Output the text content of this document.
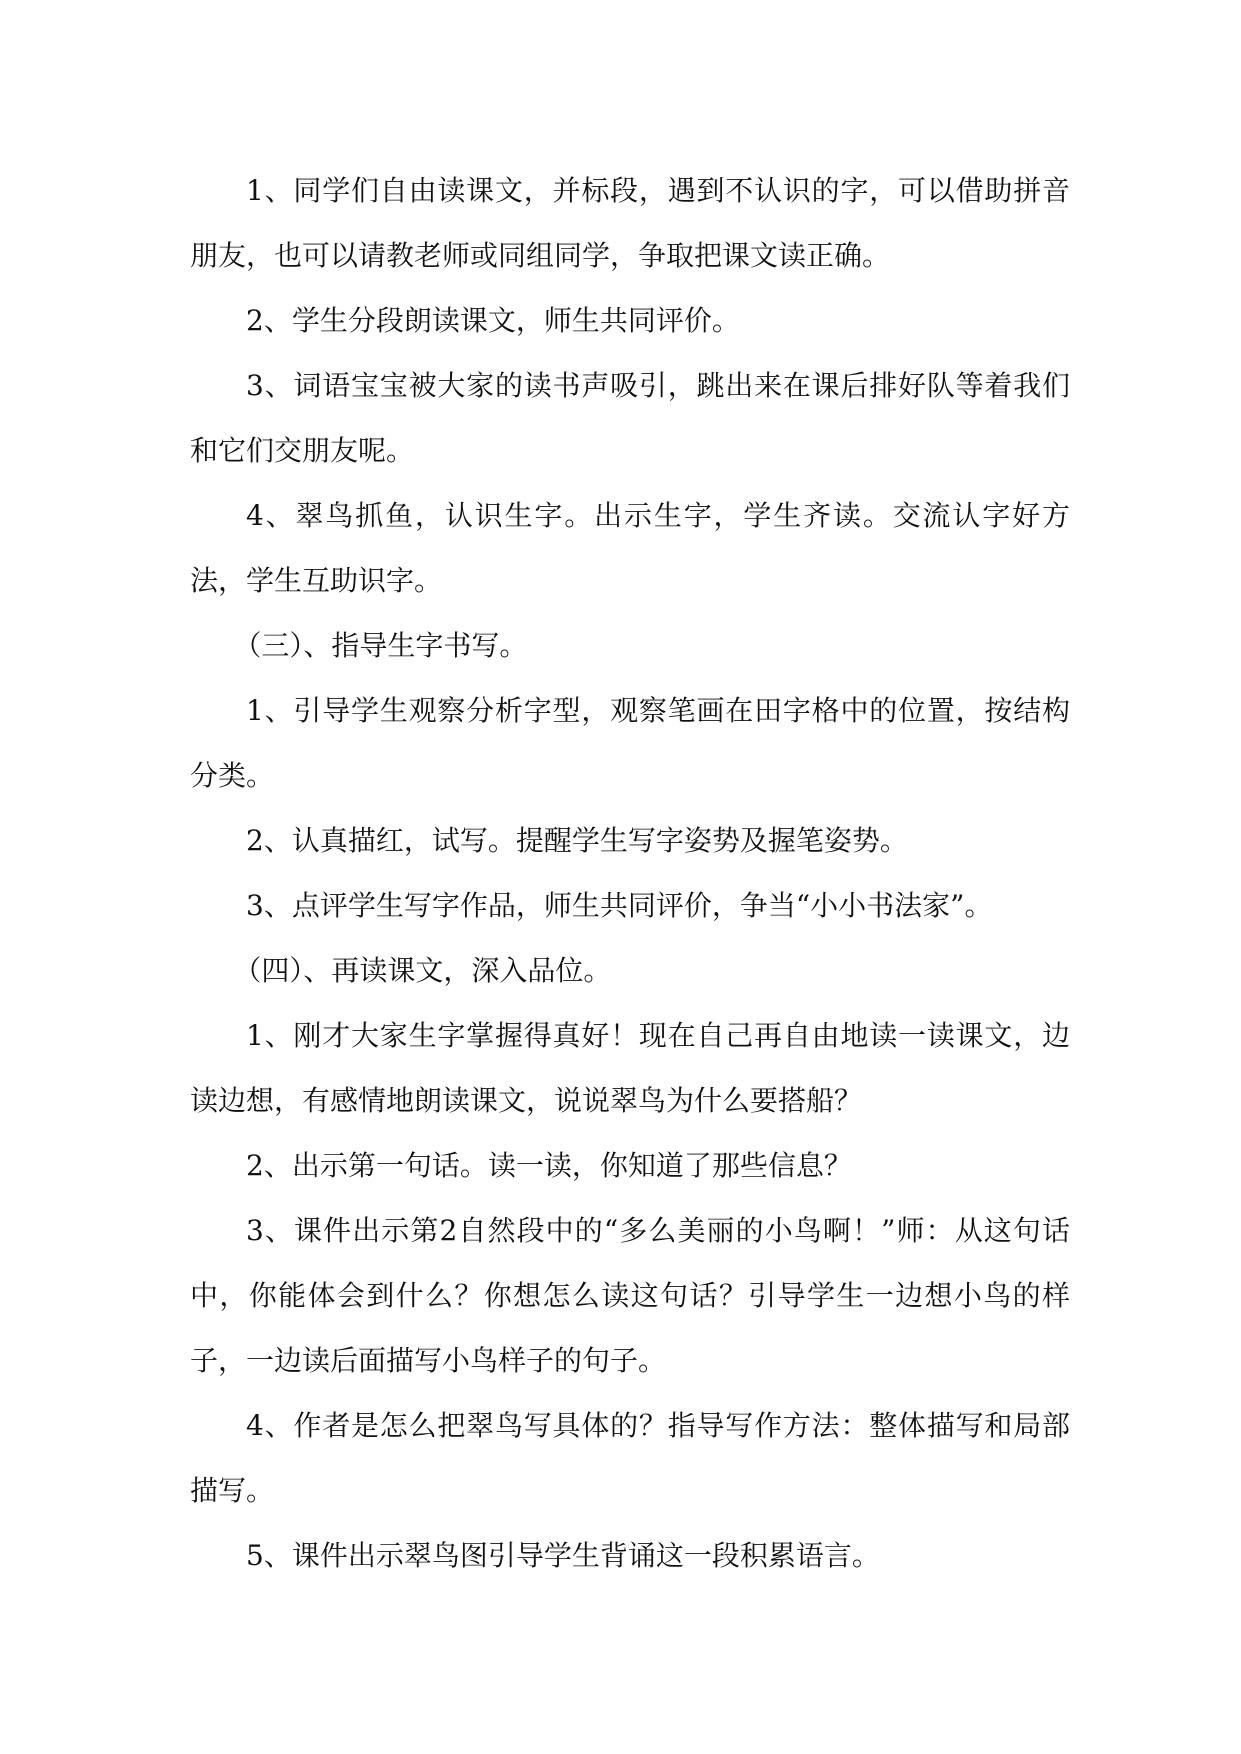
1、同学们自由读课文，并标段，遇到不认识的字，可以借助拼音朋友，也可以请教老师或同组同学，争取把课文读正确。

2、学生分段朗读课文，师生共同评价。

3、词语宝宝被大家的读书声吸引，跳出来在课后排好队等着我们和它们交朋友呢。

4、翠鸟抓鱼，认识生字。出示生字，学生齐读。交流认字好方法，学生互助识字。

（三）、指导生字书写。

1、引导学生观察分析字型，观察笔画在田字格中的位置，按结构分类。

2、认真描红，试写。提醒学生写字姿势及握笔姿势。

3、点评学生写字作品，师生共同评价，争当“小小书法家”。

（四）、再读课文，深入品位。

1、刚才大家生字掌握得真好！现在自己再自由地读一读课文，边读边想，有感情地朗读课文，说说翠鸟为什么要搭船？

2、出示第一句话。读一读，你知道了那些信息？

3、课件出示第2自然段中的“多么美丽的小鸟啊！”师：从这句话中，你能体会到什么？你想怎么读这句话？引导学生一边想小鸟的样子，一边读后面描写小鸟样子的句子。

4、作者是怎么把翠鸟写具体的？指导写作方法：整体描写和局部描写。

5、课件出示翠鸟图引导学生背诵这一段积累语言。
